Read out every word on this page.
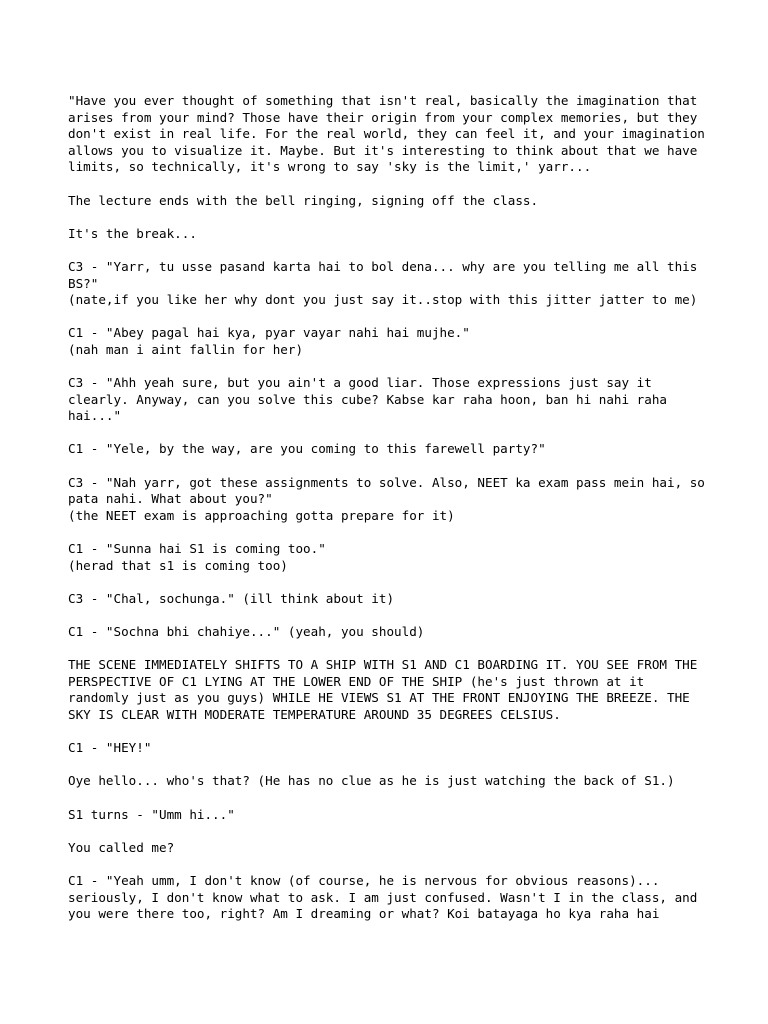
"Have you ever thought of something that isn't real, basically the imagination that
arises from your mind? Those have their origin from your complex memories, but they
don't exist in real life. For the real world, they can feel it, and your imagination
allows you to visualize it. Maybe. But it's interesting to think about that we have
limits, so technically, it's wrong to say 'sky is the limit,' yarr...
The lecture ends with the bell ringing, signing off the class.
It's the break...
C3 - "Yarr, tu usse pasand karta hai to bol dena... why are you telling me all this
BS?"
(nate,if you like her why dont you just say it..stop with this jitter jatter to me)
C1 - "Abey pagal hai kya, pyar vayar nahi hai mujhe."
(nah man i aint fallin for her)
C3 - "Ahh yeah sure, but you ain't a good liar. Those expressions just say it
clearly. Anyway, can you solve this cube? Kabse kar raha hoon, ban hi nahi raha
hai..."
C1 - "Yele, by the way, are you coming to this farewell party?"
C3 - "Nah yarr, got these assignments to solve. Also, NEET ka exam pass mein hai, so
pata nahi. What about you?"
(the NEET exam is approaching gotta prepare for it)
C1 - "Sunna hai S1 is coming too."
(herad that s1 is coming too)
C3 - "Chal, sochunga." (ill think about it)
C1 - "Sochna bhi chahiye..." (yeah, you should)
THE SCENE IMMEDIATELY SHIFTS TO A SHIP WITH S1 AND C1 BOARDING IT. YOU SEE FROM THE
PERSPECTIVE OF C1 LYING AT THE LOWER END OF THE SHIP (he's just thrown at it
randomly just as you guys) WHILE HE VIEWS S1 AT THE FRONT ENJOYING THE BREEZE. THE
SKY IS CLEAR WITH MODERATE TEMPERATURE AROUND 35 DEGREES CELSIUS.
C1 - "HEY!"
Oye hello... who's that? (He has no clue as he is just watching the back of S1.)
S1 turns - "Umm hi..."
You called me?
C1 - "Yeah umm, I don't know (of course, he is nervous for obvious reasons)...
seriously, I don't know what to ask. I am just confused. Wasn't I in the class, and
you were there too, right? Am I dreaming or what? Koi batayaga ho kya raha hai
